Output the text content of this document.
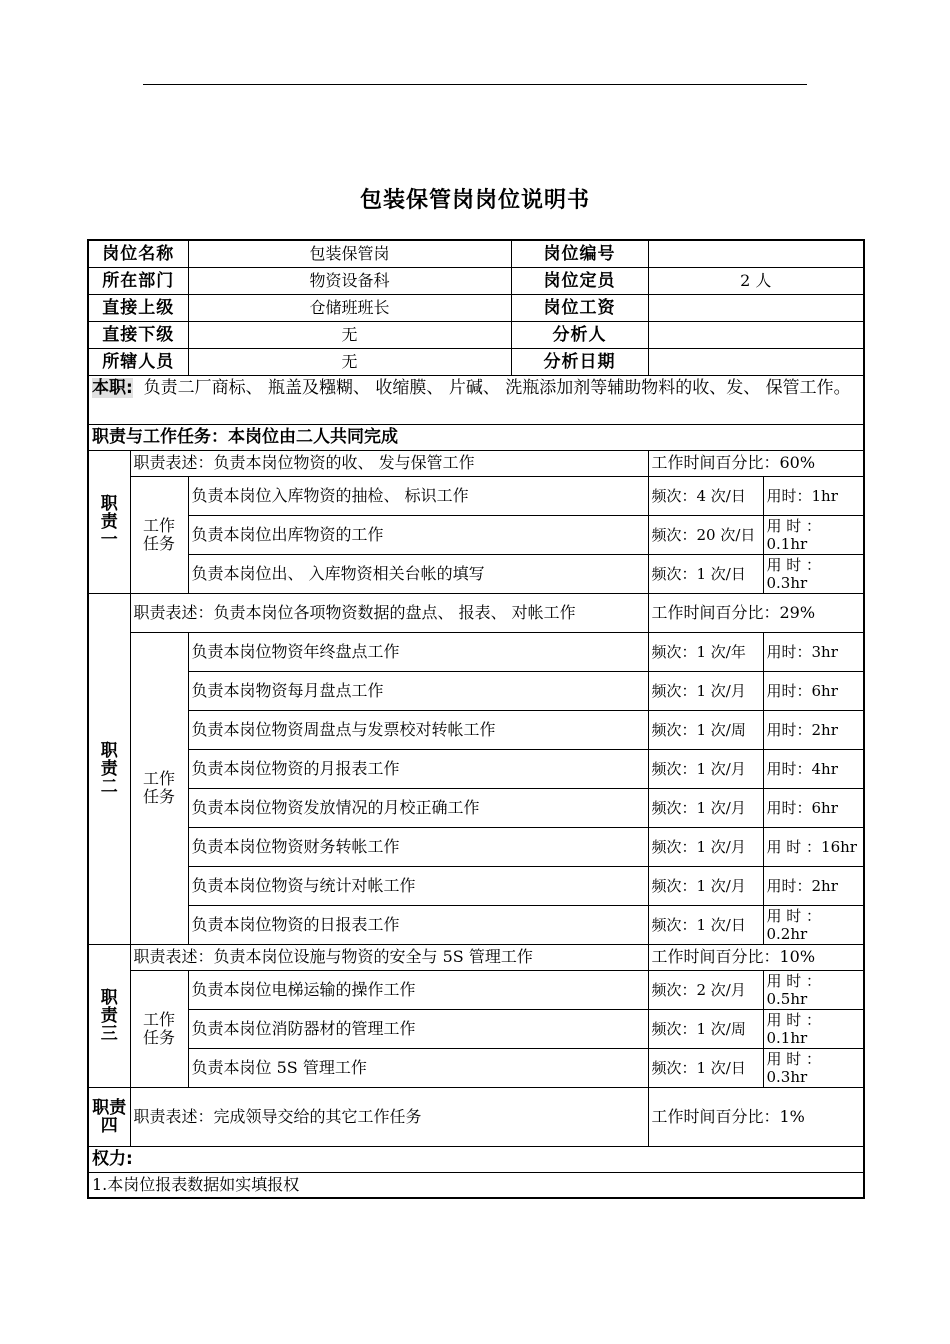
包装保管岗岗位说明书
岗位名称		包装保管岗	岗位编号		
所在部门		物资设备科	岗位定员	2 人	
直接上级		仓储班班长	岗位工资		
直接下级		无	分析人		
所辖人员		无	分析日期		
本职: 负责二厂商标、 瓶盖及糨糊、 收缩膜、 片碱、 洗瓶添加剂等辅助物料的收、发、 保管工作。					
职责与工作任务：本岗位由二人共同完成					
职责一	职责表述：负责本岗位物资的收、 发与保管工作			工作时间百分比：60%	
	工作任务	负责本岗位入库物资的抽检、 标识工作		频次：4 次/日	用时：1hr
		负责本岗位出库物资的工作		频次：20 次/日	用 时 ：0.1hr
		负责本岗位出、 入库物资相关台帐的填写		频次：1 次/日	用 时 ：0.3hr
职责二	职责表述：负责本岗位各项物资数据的盘点、 报表、 对帐工作			工作时间百分比：29%	
	工作任务	负责本岗位物资年终盘点工作		频次：1 次/年	用时：3hr
		负责本岗物资每月盘点工作		频次：1 次/月	用时：6hr
		负责本岗位物资周盘点与发票校对转帐工作		频次：1 次/周	用时：2hr
		负责本岗位物资的月报表工作		频次：1 次/月	用时：4hr
		负责本岗位物资发放情况的月校正确工作		频次：1 次/月	用时：6hr
		负责本岗位物资财务转帐工作		频次：1 次/月	用 时 ：16hr
		负责本岗位物资与统计对帐工作		频次：1 次/月	用时：2hr
		负责本岗位物资的日报表工作		频次：1 次/日	用 时 ：0.2hr
职责三	职责表述：负责本岗位设施与物资的安全与 5S 管理工作			工作时间百分比：10%	
	工作任务	负责本岗位电梯运输的操作工作		频次：2 次/月	用 时 ：0.5hr
		负责本岗位消防器材的管理工作		频次：1 次/周	用 时 ：0.1hr
		负责本岗位 5S 管理工作		频次：1 次/日	用 时 ：0.3hr
职责四	职责表述：完成领导交给的其它工作任务			工作时间百分比：1%	
权力:					
1.本岗位报表数据如实填报权					
